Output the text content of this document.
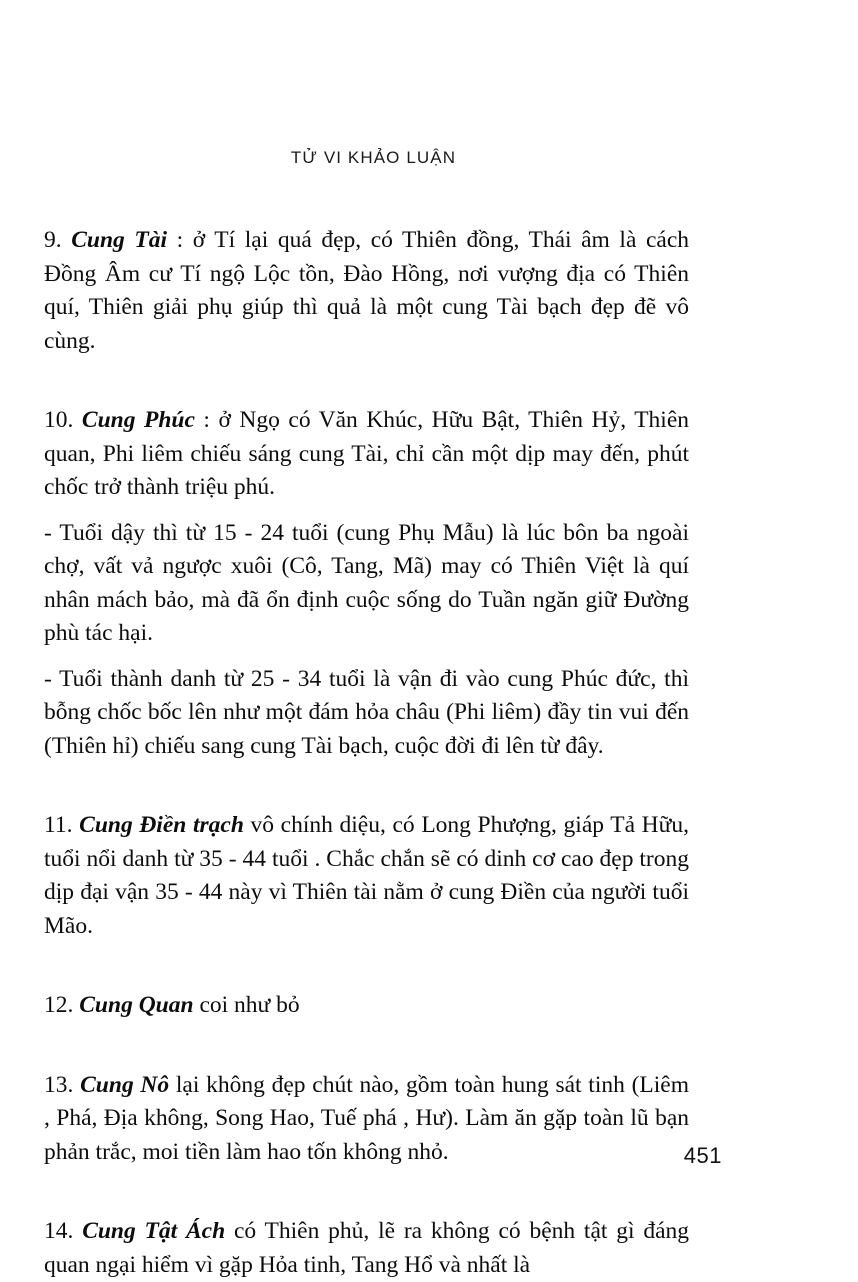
TỬ VI KHẢO LUẬN

9. Cung Tài : ở Tí lại quá đẹp, có Thiên đồng, Thái âm là cách Đồng Âm cư Tí ngộ Lộc tồn, Đào Hồng, nơi vượng địa có Thiên quí, Thiên giải phụ giúp thì quả là một cung Tài bạch đẹp đẽ vô cùng.

10. Cung Phúc : ở Ngọ có Văn Khúc, Hữu Bật, Thiên Hỷ, Thiên quan, Phi liêm chiếu sáng cung Tài, chỉ cần một dịp may đến, phút chốc trở thành triệu phú.

- Tuổi dậy thì từ 15 - 24 tuổi (cung Phụ Mẫu) là lúc bôn ba ngoài chợ, vất vả ngược xuôi (Cô, Tang, Mã) may có Thiên Việt là quí nhân mách bảo, mà đã ổn định cuộc sống do Tuần ngăn giữ Đường phù tác hại.

- Tuổi thành danh từ 25 - 34 tuổi là vận đi vào cung Phúc đức, thì bỗng chốc bốc lên như một đám hỏa châu (Phi liêm) đầy tin vui đến (Thiên hỉ) chiếu sang cung Tài bạch, cuộc đời đi lên từ đây.

11. Cung Điền trạch vô chính diệu, có Long Phượng, giáp Tả Hữu, tuổi nổi danh từ 35 - 44 tuổi . Chắc chắn sẽ có dinh cơ cao đẹp trong dịp đại vận 35 - 44 này vì Thiên tài nằm ở cung Điền của người tuổi Mão.

12. Cung Quan coi như bỏ

13. Cung Nô lại không đẹp chút nào, gồm toàn hung sát tinh (Liêm , Phá, Địa không, Song Hao, Tuế phá , Hư). Làm ăn gặp toàn lũ bạn phản trắc, moi tiền làm hao tốn không nhỏ.

14. Cung Tật Ách có Thiên phủ, lẽ ra không có bệnh tật gì đáng quan ngại hiểm vì gặp Hỏa tinh, Tang Hổ và nhất là

451
